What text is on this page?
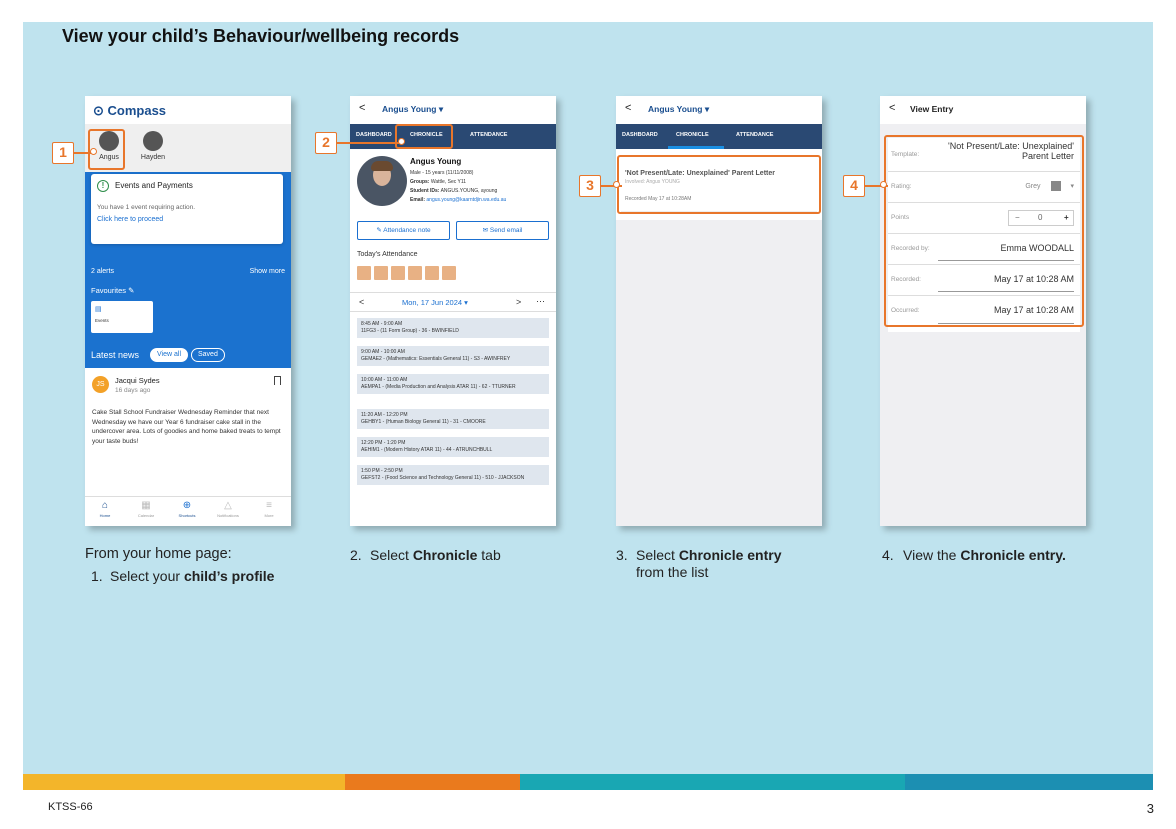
View your child’s Behaviour/wellbeing records
⊙ Compass
Angus	Hayden
!	Events and Payments
You have 1 event requiring action.
Click here to proceed
2 alerts	Show more
Favourites ✎
▤
Events
Latest news	View all	Saved
JS	Jacqui Sydes
16 days ago
Cake Stall School Fundraiser Wednesday Reminder that next Wednesday we have our Year 6 fundraiser cake stall in the undercover area. Lots of goodies and home baked treats to tempt your taste buds!
⌂
Home
▦
Calendar
⊕
Shortcuts
△
Notifications
≡
More
< Angus Young ▾
DASHBOARD	CHRONICLE	ATTENDANCE
Angus Young
Male - 15 years (11/11/2008)
Groups: Wattle, Sec Y11
Student IDs: ANGUS.YOUNG, ayoung
Email: angus.young@kaarntdjin.wa.edu.au
✎ Attendance note	✉ Send email
Today's Attendance
<	Mon, 17 Jun 2024 ▾	> ⋯
8:45 AM - 9:00 AM
11FG3 - (11 Form Group) - 36 - BWINFIELD
9:00 AM - 10:00 AM
GEMAE2 - (Mathematics: Essentials General 11) - S3 - AWINFREY
10:00 AM - 11:00 AM
AEMPA1 - (Media Production and Analysis ATAR 11) - 62 - TTURNER
11:20 AM - 12:20 PM
GEHBY1 - (Human Biology General 11) - 31 - CMOORE
12:20 PM - 1:20 PM
AEHIM1 - (Modern History ATAR 11) - 44 - ATRUNCHBULL
1:50 PM - 2:50 PM
GEFST2 - (Food Science and Technology General 11) - 510 - JJACKSON
< Angus Young ▾
DASHBOARD	CHRONICLE	ATTENDANCE
'Not Present/Late: Unexplained' Parent Letter
Involved: Angus YOUNG
Recorded May 17 at 10:28AM
< View Entry
Template:
'Not Present/Late: Unexplained' Parent Letter
Rating:	Grey	▾
Points	− 0	+
Recorded by:	Emma WOODALL
Recorded:	May 17 at 10:28 AM
Occurred:	May 17 at 10:28 AM
1
2
3	4
From your home page:
1. Select your child’s profile
2. Select Chronicle tab	3. Select Chronicle entry
from the list
4. View the Chronicle entry.
KTSS-66	3
